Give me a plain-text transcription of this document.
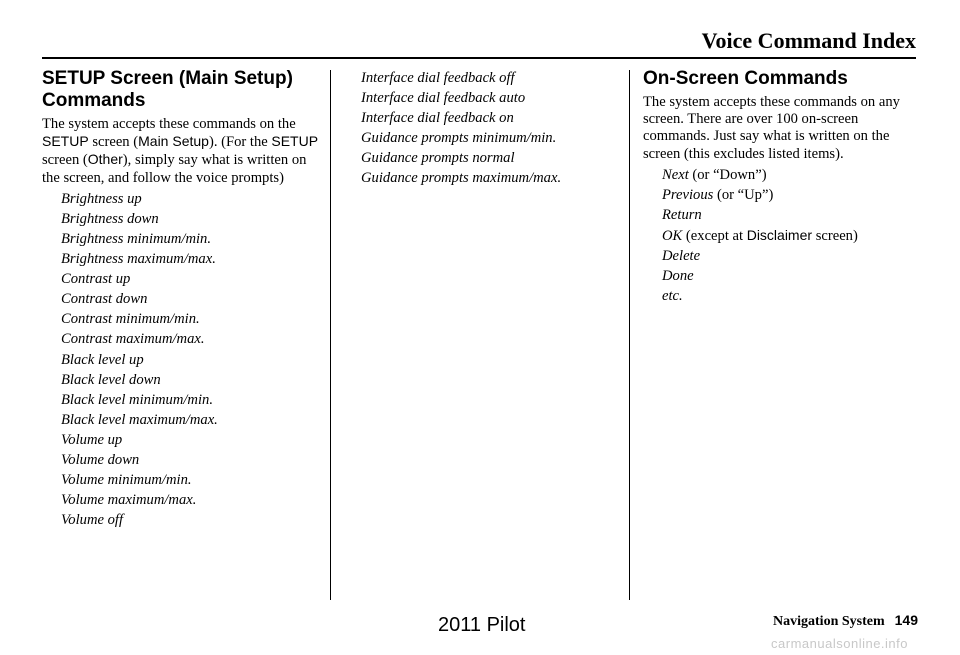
Voice Command Index
SETUP Screen (Main Setup)
Commands

The system accepts these commands on the SETUP screen (Main Setup). (For the SETUP screen (Other), simply say what is written on the screen, and follow the voice prompts)

Brightness up
Brightness down
Brightness minimum/min.
Brightness maximum/max.
Contrast up
Contrast down
Contrast minimum/min.
Contrast maximum/max.
Black level up
Black level down
Black level minimum/min.
Black level maximum/max.
Volume up
Volume down
Volume minimum/min.
Volume maximum/max.
Volume off
Interface dial feedback off
Interface dial feedback auto
Interface dial feedback on
Guidance prompts minimum/min.
Guidance prompts normal
Guidance prompts maximum/max.
On-Screen Commands

The system accepts these commands on any screen. There are over 100 on-screen commands. Just say what is written on the screen (this excludes listed items).

Next (or “Down”)
Previous (or “Up”)
Return
OK (except at Disclaimer screen)
Delete
Done
etc.
2011 Pilot	Navigation System 149
carmanualsonline.info
